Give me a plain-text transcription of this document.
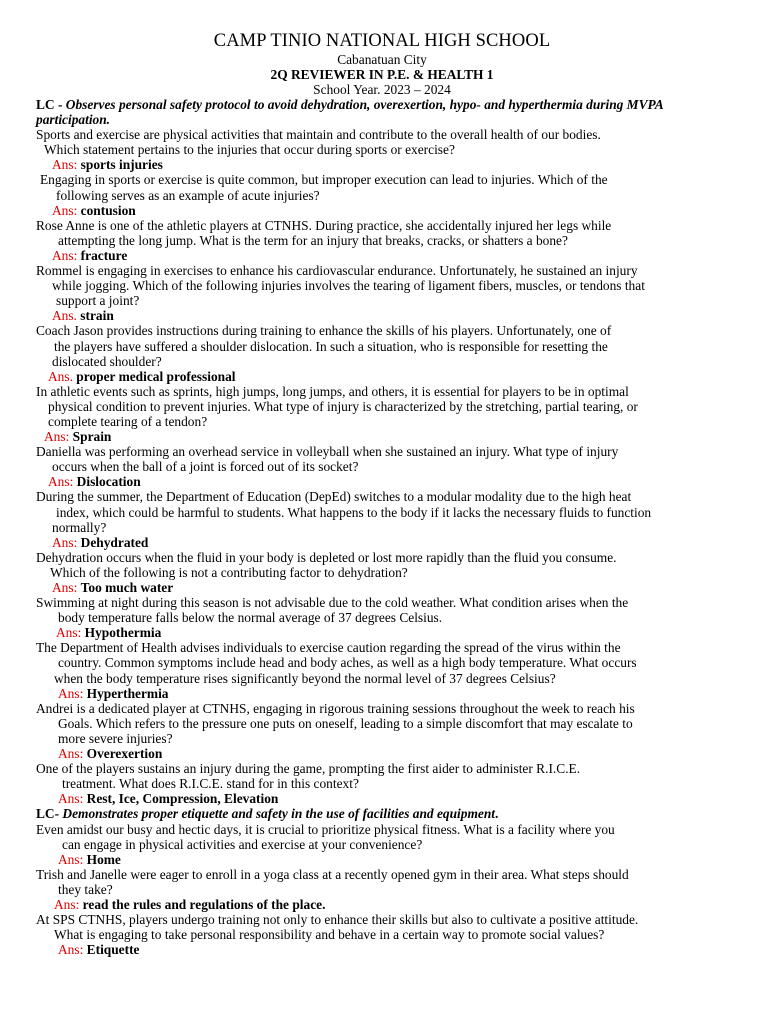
CAMP TINIO NATIONAL HIGH SCHOOL
Cabanatuan City
2Q REVIEWER IN P.E. & HEALTH 1
School Year. 2023 – 2024
LC - Observes personal safety protocol to avoid dehydration, overexertion, hypo- and hyperthermia during MVPA participation.
Sports and exercise are physical activities that maintain and contribute to the overall health of our bodies.
Which statement pertains to the injuries that occur during sports or exercise?
Ans: sports injuries
Engaging in sports or exercise is quite common, but improper execution can lead to injuries. Which of the
following serves as an example of acute injuries?
Ans: contusion
Rose Anne is one of the athletic players at CTNHS. During practice, she accidentally injured her legs while
attempting the long jump. What is the term for an injury that breaks, cracks, or shatters a bone?
Ans: fracture
Rommel is engaging in exercises to enhance his cardiovascular endurance. Unfortunately, he sustained an injury
while jogging. Which of the following injuries involves the tearing of ligament fibers, muscles, or tendons that
support a joint?
Ans. strain
Coach Jason provides instructions during training to enhance the skills of his players. Unfortunately, one of
the players have suffered a shoulder dislocation. In such a situation, who is responsible for resetting the
dislocated shoulder?
Ans. proper medical professional
In athletic events such as sprints, high jumps, long jumps, and others, it is essential for players to be in optimal
physical condition to prevent injuries. What type of injury is characterized by the stretching, partial tearing, or
complete tearing of a tendon?
Ans: Sprain
Daniella was performing an overhead service in volleyball when she sustained an injury. What type of injury
occurs when the ball of a joint is forced out of its socket?
Ans: Dislocation
During the summer, the Department of Education (DepEd) switches to a modular modality due to the high heat
index, which could be harmful to students. What happens to the body if it lacks the necessary fluids to function
normally?
Ans: Dehydrated
Dehydration occurs when the fluid in your body is depleted or lost more rapidly than the fluid you consume.
Which of the following is not a contributing factor to dehydration?
Ans: Too much water
Swimming at night during this season is not advisable due to the cold weather. What condition arises when the
body temperature falls below the normal average of 37 degrees Celsius.
Ans: Hypothermia
The Department of Health advises individuals to exercise caution regarding the spread of the virus within the
country. Common symptoms include head and body aches, as well as a high body temperature. What occurs
when the body temperature rises significantly beyond the normal level of 37 degrees Celsius?
Ans: Hyperthermia
Andrei is a dedicated player at CTNHS, engaging in rigorous training sessions throughout the week to reach his
Goals. Which refers to the pressure one puts on oneself, leading to a simple discomfort that may escalate to
more severe injuries?
Ans: Overexertion
One of the players sustains an injury during the game, prompting the first aider to administer R.I.C.E.
treatment. What does R.I.C.E. stand for in this context?
Ans: Rest, Ice, Compression, Elevation
LC- Demonstrates proper etiquette and safety in the use of facilities and equipment.
Even amidst our busy and hectic days, it is crucial to prioritize physical fitness. What is a facility where you
can engage in physical activities and exercise at your convenience?
Ans: Home
Trish and Janelle were eager to enroll in a yoga class at a recently opened gym in their area. What steps should
they take?
Ans: read the rules and regulations of the place.
At SPS CTNHS, players undergo training not only to enhance their skills but also to cultivate a positive attitude.
What is engaging to take personal responsibility and behave in a certain way to promote social values?
Ans: Etiquette
